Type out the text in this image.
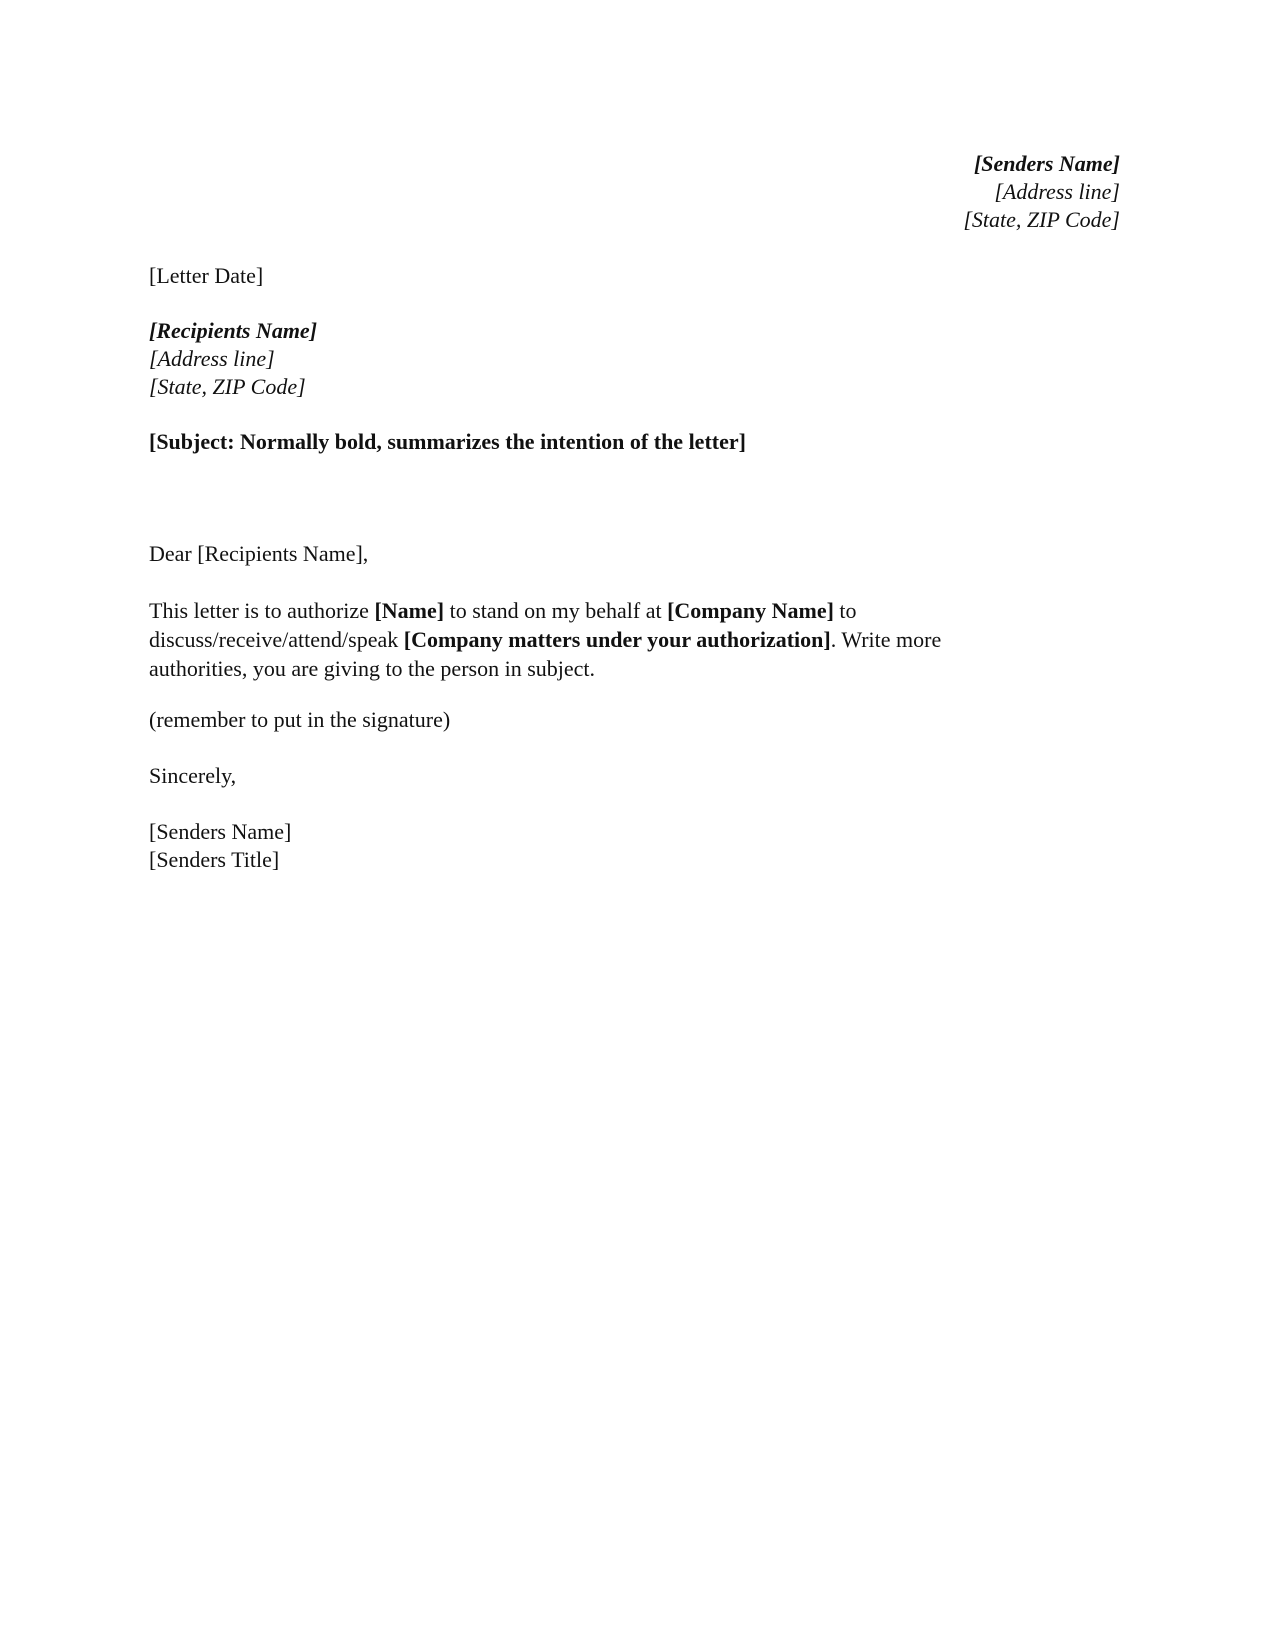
[Senders Name]
[Address line]
[State, ZIP Code]

[Letter Date]

[Recipients Name]

[Address line]

[State, ZIP Code]

[Subject: Normally bold, summarizes the intention of the letter]

Dear [Recipients Name],

This letter is to authorize [Name] to stand on my behalf at [Company Name] to
discuss/receive/attend/speak [Company matters under your authorization]. Write more
authorities, you are giving to the person in subject.

(remember to put in the signature)

Sincerely,

[Senders Name]

[Senders Title]
